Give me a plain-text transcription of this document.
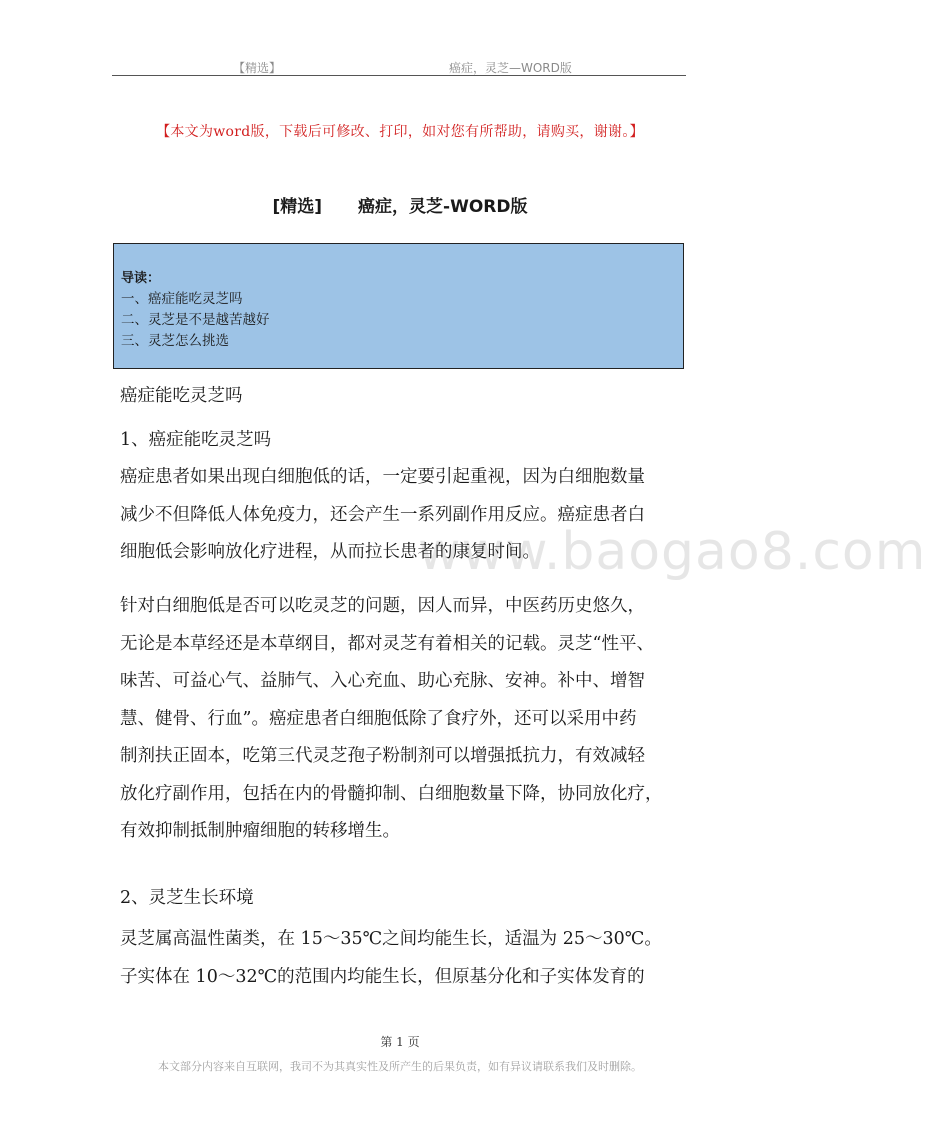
【精选】	癌症，灵芝—WORD版
【本文为word版，下载后可修改、打印，如对您有所帮助，请购买，谢谢。】
[精选] 癌症，灵芝-WORD版
导读：
一、癌症能吃灵芝吗
二、灵芝是不是越苦越好
三、灵芝怎么挑选
www.baogao8.com
癌症能吃灵芝吗
1、癌症能吃灵芝吗
癌症患者如果出现白细胞低的话，一定要引起重视，因为白细胞数量
减少不但降低人体免疫力，还会产生一系列副作用反应。癌症患者白
细胞低会影响放化疗进程，从而拉长患者的康复时间。
针对白细胞低是否可以吃灵芝的问题，因人而异，中医药历史悠久，
无论是本草经还是本草纲目，都对灵芝有着相关的记载。灵芝“性平、
味苦、可益心气、益肺气、入心充血、助心充脉、安神。补中、增智
慧、健骨、行血”。癌症患者白细胞低除了食疗外，还可以采用中药
制剂扶正固本，吃第三代灵芝孢子粉制剂可以增强抵抗力，有效减轻
放化疗副作用，包括在内的骨髓抑制、白细胞数量下降，协同放化疗，
有效抑制抵制肿瘤细胞的转移增生。
2、灵芝生长环境
灵芝属高温性菌类，在 15～35℃之间均能生长，适温为 25～30℃。
子实体在 10～32℃的范围内均能生长，但原基分化和子实体发育的
第 1 页
本文部分内容来自互联网，我司不为其真实性及所产生的后果负责，如有异议请联系我们及时删除。
